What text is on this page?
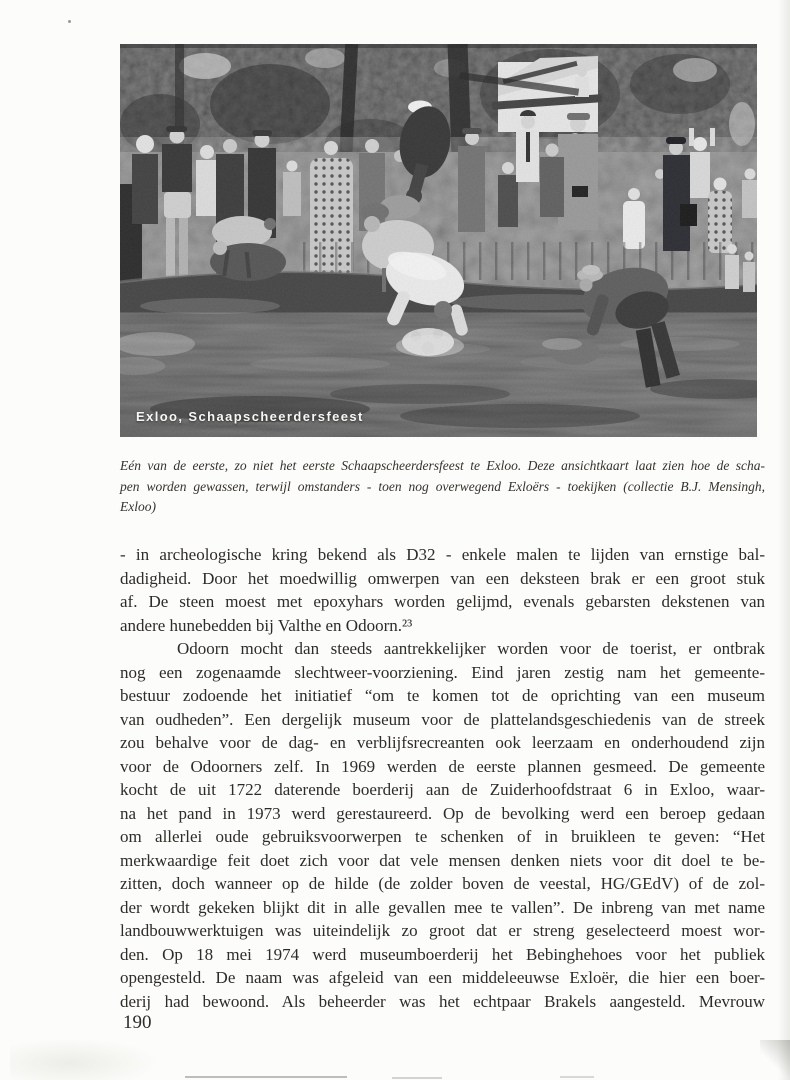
Exloo, Schaapscheerdersfeest
Eén van de eerste, zo niet het eerste Schaapscheerdersfeest te Exloo. Deze ansichtkaart laat zien hoe de scha-
pen worden gewassen, terwijl omstanders - toen nog overwegend Exloërs - toekijken (collectie B.J. Mensingh,
Exloo)
- in archeologische kring bekend als D32 - enkele malen te lijden van ernstige bal-
dadigheid. Door het moedwillig omwerpen van een deksteen brak er een groot stuk
af. De steen moest met epoxyhars worden gelijmd, evenals gebarsten dekstenen van
andere hunebedden bij Valthe en Odoorn.²³
Odoorn mocht dan steeds aantrekkelijker worden voor de toerist, er ontbrak
nog een zogenaamde slechtweer-voorziening. Eind jaren zestig nam het gemeente-
bestuur zodoende het initiatief “om te komen tot de oprichting van een museum
van oudheden”. Een dergelijk museum voor de plattelandsgeschiedenis van de streek
zou behalve voor de dag- en verblijfsrecreanten ook leerzaam en onderhoudend zijn
voor de Odoorners zelf. In 1969 werden de eerste plannen gesmeed. De gemeente
kocht de uit 1722 daterende boerderij aan de Zuiderhoofdstraat 6 in Exloo, waar-
na het pand in 1973 werd gerestaureerd. Op de bevolking werd een beroep gedaan
om allerlei oude gebruiksvoorwerpen te schenken of in bruikleen te geven: “Het
merkwaardige feit doet zich voor dat vele mensen denken niets voor dit doel te be-
zitten, doch wanneer op de hilde (de zolder boven de veestal, HG/GEdV) of de zol-
der wordt gekeken blijkt dit in alle gevallen mee te vallen”. De inbreng van met name
landbouwwerktuigen was uiteindelijk zo groot dat er streng geselecteerd moest wor-
den. Op 18 mei 1974 werd museumboerderij het Bebinghehoes voor het publiek
opengesteld. De naam was afgeleid van een middeleeuwse Exloër, die hier een boer-
derij had bewoond. Als beheerder was het echtpaar Brakels aangesteld. Mevrouw
190
